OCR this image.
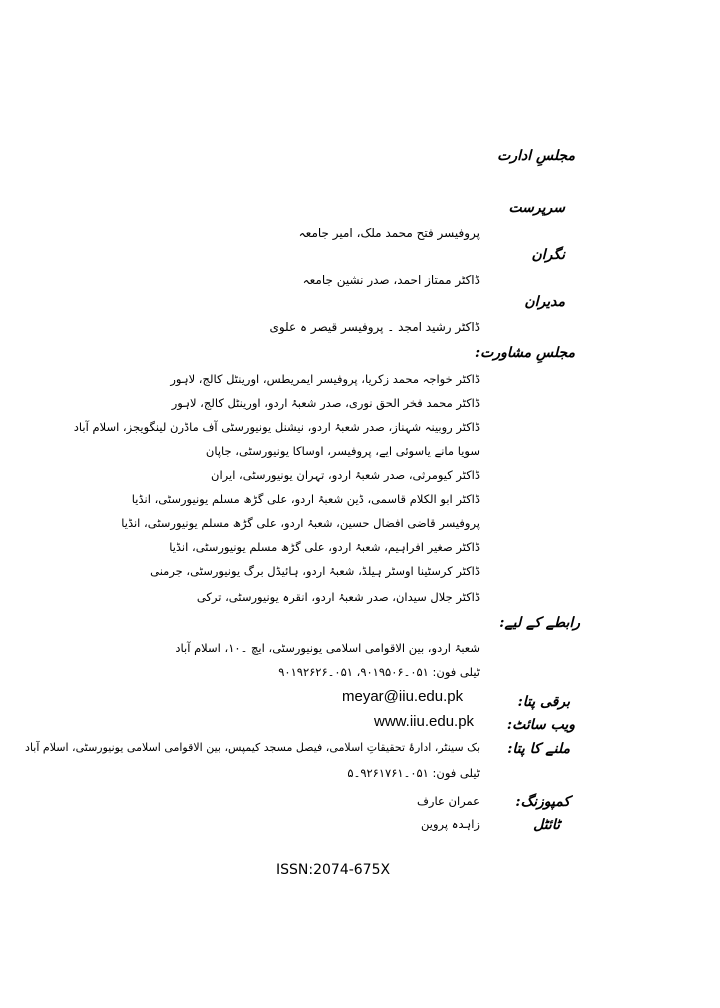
مجلسِ ادارت
سرپرست
پروفیسر فتح محمد ملک، امیر جامعہ
نگران
ڈاکٹر ممتاز احمد، صدر نشین جامعہ
مدیران
ڈاکٹر رشید امجد ۔ پروفیسر قیصر ہ علوی
مجلسِ مشاورت:
ڈاکٹر خواجہ محمد زکریا، پروفیسر ایمریطس، اورینٹل کالج، لاہور
ڈاکٹر محمد فخر الحق نوری، صدر شعبۂ اردو، اورینٹل کالج، لاہور
ڈاکٹر روبینہ شہناز، صدر شعبۂ اردو، نیشنل یونیورسٹی آف ماڈرن لینگویجز، اسلام آباد
سویا مانے یاسوئی ایے، پروفیسر، اوساکا یونیورسٹی، جاپان
ڈاکٹر کیومرثی، صدر شعبۂ اردو، تہران یونیورسٹی، ایران
ڈاکٹر ابو الکلام قاسمی، ڈین شعبۂ اردو، علی گڑھ مسلم یونیورسٹی، انڈیا
پروفیسر قاضی افضال حسین، شعبۂ اردو، علی گڑھ مسلم یونیورسٹی، انڈیا
ڈاکٹر صغیر افراہیم، شعبۂ اردو، علی گڑھ مسلم یونیورسٹی، انڈیا
ڈاکٹر کرسٹینا اوسٹر ہیلڈ، شعبۂ اردو، ہائیڈل برگ یونیورسٹی، جرمنی
ڈاکٹر جلال سیدان، صدر شعبۂ اردو، انقرہ یونیورسٹی، ترکی
رابطے کے لیے:
شعبۂ اردو، بین الاقوامی اسلامی یونیورسٹی، ایچ ۔۱۰، اسلام آباد
ٹیلی فون: ۰۵۱۔۹۰۱۹۵۰۶، ۰۵۱۔۹۰۱۹۲۶۲۶
برقی پتا:
meyar@iiu.edu.pk
ویب سائٹ:
www.iiu.edu.pk
ملنے کا پتا:
بک سینٹر، ادارۂ تحقیقاتِ اسلامی، فیصل مسجد کیمپس، بین الاقوامی اسلامی یونیورسٹی، اسلام آباد
ٹیلی فون: ۰۵۱۔۹۲۶۱۷۶۱۔۵
کمپوزنگ:
عمران عارف
ٹائٹل
زاہدہ پروین
ISSN:2074-675X
